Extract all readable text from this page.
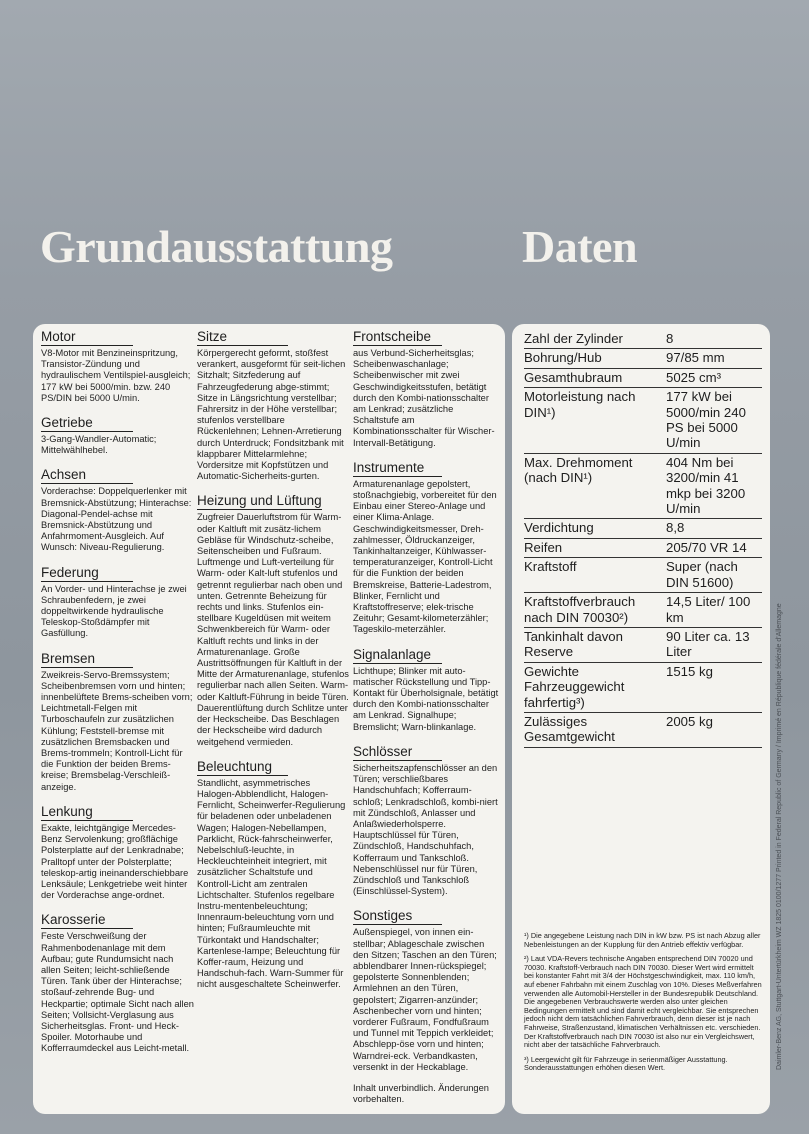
Grundausstattung	Daten
Motor

V8-Motor mit Benzineinspritzung, Transistor-Zündung und hydraulischem Ventilspiel-ausgleich; 177 kW bei 5000/min. bzw. 240 PS/DIN bei 5000 U/min.

Getriebe

3-Gang-Wandler-Automatic; Mittelwählhebel.

Achsen

Vorderachse: Doppelquerlenker mit Bremsnick-Abstützung; Hinterachse: Diagonal-Pendel-achse mit Bremsnick-Abstützung und Anfahrmoment-Ausgleich. Auf Wunsch: Niveau-Regulierung.

Federung

An Vorder- und Hinterachse je zwei Schraubenfedern, je zwei doppeltwirkende hydraulische Teleskop-Stoßdämpfer mit Gasfüllung.

Bremsen

Zweikreis-Servo-Bremssystem; Scheibenbremsen vorn und hinten; innenbelüftete Brems-scheiben vorn; Leichtmetall-Felgen mit Turboschaufeln zur zusätzlichen Kühlung; Feststell-bremse mit zusätzlichen Bremsbacken und Brems-trommeln; Kontroll-Licht für die Funktion der beiden Brems-kreise; Bremsbelag-Verschleiß-anzeige.

Lenkung

Exakte, leichtgängige Mercedes-Benz Servolenkung; großflächige Polsterplatte auf der Lenkradnabe; Pralltopf unter der Polsterplatte; teleskop-artig ineinanderschiebbare Lenksäule; Lenkgetriebe weit hinter der Vorderachse ange-ordnet.

Karosserie

Feste Verschweißung der Rahmenbodenanlage mit dem Aufbau; gute Rundumsicht nach allen Seiten; leicht-schließende Türen. Tank über der Hinterachse; stoßauf-zehrende Bug- und Heckpartie; optimale Sicht nach allen Seiten; Vollsicht-Verglasung aus Sicherheitsglas. Front- und Heck-Spoiler. Motorhaube und Kofferraumdeckel aus Leicht-metall.

Sitze

Körpergerecht geformt, stoßfest verankert, ausgeformt für seit-lichen Sitzhalt; Sitzfederung auf Fahrzeugfederung abge-stimmt; Sitze in Längsrichtung verstellbar; Fahrersitz in der Höhe verstellbar; stufenlos verstellbare Rückenlehnen; Lehnen-Arretierung durch Unterdruck; Fondsitzbank mit klappbarer Mittelarmlehne; Vordersitze mit Kopfstützen und Automatic-Sicherheits-gurten.

Heizung und Lüftung

Zugfreier Dauerluftstrom für Warm- oder Kaltluft mit zusätz-lichem Gebläse für Windschutz-scheibe, Seitenscheiben und Fußraum. Luftmenge und Luft-verteilung für Warm- oder Kalt-luft stufenlos und getrennt regulierbar nach oben und unten. Getrennte Beheizung für rechts und links. Stufenlos ein-stellbare Kugeldüsen mit weitem Schwenkbereich für Warm- oder Kaltluft rechts und links in der Armaturenanlage. Große Austrittsöffnungen für Kaltluft in der Mitte der Armaturenanlage, stufenlos regulierbar nach allen Seiten. Warm- oder Kaltluft-Führung in beide Türen. Dauerentlüftung durch Schlitze unter der Heckscheibe. Das Beschlagen der Heckscheibe wird dadurch weitgehend vermieden.

Beleuchtung

Standlicht, asymmetrisches Halogen-Abblendlicht, Halogen-Fernlicht, Scheinwerfer-Regulierung für beladenen oder unbeladenen Wagen; Halogen-Nebellampen, Parklicht, Rück-fahrscheinwerfer, Nebelschluß-leuchte, in Heckleuchteinheit integriert, mit zusätzlicher Schaltstufe und Kontroll-Licht am zentralen Lichtschalter. Stufenlos regelbare Instru-mentenbeleuchtung; Innenraum-beleuchtung vorn und hinten; Fußraumleuchte mit Türkontakt und Handschalter; Kartenlese-lampe; Beleuchtung für Koffer-raum, Heizung und Handschuh-fach. Warn-Summer für nicht ausgeschaltete Scheinwerfer.

Frontscheibe

aus Verbund-Sicherheitsglas; Scheibenwaschanlage; Scheibenwischer mit zwei Geschwindigkeitsstufen, betätigt durch den Kombi-nationsschalter am Lenkrad; zusätzliche Schaltstufe am Kombinationsschalter für Wischer-Intervall-Betätigung.

Instrumente

Armaturenanlage gepolstert, stoßnachgiebig, vorbereitet für den Einbau einer Stereo-Anlage und einer Klima-Anlage. Geschwindigkeitsmesser, Dreh-zahlmesser, Öldruckanzeiger, Tankinhaltanzeiger, Kühlwasser-temperaturanzeiger, Kontroll-Licht für die Funktion der beiden Bremskreise, Batterie-Ladestrom, Blinker, Fernlicht und Kraftstoffreserve; elek-trische Zeituhr; Gesamt-kilometerzähler; Tageskilo-meterzähler.

Signalanlage

Lichthupe; Blinker mit auto-matischer Rückstellung und Tipp-Kontakt für Überholsignale, betätigt durch den Kombi-nationsschalter am Lenkrad. Signalhupe; Bremslicht; Warn-blinkanlage.

Schlösser

Sicherheitszapfenschlösser an den Türen; verschließbares Handschuhfach; Kofferraum-schloß; Lenkradschloß, kombi-niert mit Zündschloß, Anlasser und Anlaßwiederholsperre. Hauptschlüssel für Türen, Zündschloß, Handschuhfach, Kofferraum und Tankschloß. Nebenschlüssel nur für Türen, Zündschloß und Tankschloß (Einschlüssel-System).

Sonstiges

Außenspiegel, von innen ein-stellbar; Ablageschale zwischen den Sitzen; Taschen an den Türen; abblendbarer Innen-rückspiegel; gepolsterte Sonnenblenden; Armlehnen an den Türen, gepolstert; Zigarren-anzünder; Aschenbecher vorn und hinten; vorderer Fußraum, Fondfußraum und Tunnel mit Teppich verkleidet; Abschlepp-öse vorn und hinten; Warndrei-eck. Verbandkasten, versenkt in der Heckablage.

Inhalt unverbindlich. Änderungen vorbehalten.

Zahl der Zylinder	8
Bohrung/Hub	97/85 mm
Gesamthubraum	5025 cm³
Motorleistung nach DIN¹)	177 kW bei 5000/min 240 PS bei 5000 U/min
Max. Drehmoment (nach DIN¹)	404 Nm bei 3200/min 41 mkp bei 3200 U/min
Verdichtung	8,8
Reifen	205/70 VR 14
Kraftstoff	Super (nach DIN 51600)
Kraftstoffverbrauch nach DIN 70030²)	14,5 Liter/ 100 km
Tankinhalt davon Reserve	90 Liter ca. 13 Liter
Gewichte Fahrzeuggewicht fahrfertig³)	1515 kg
Zulässiges Gesamtgewicht	2005 kg

¹) Die angegebene Leistung nach DIN in kW bzw. PS ist nach Abzug aller Nebenleistungen an der Kupplung für den Antrieb effektiv verfügbar.

²) Laut VDA-Revers technische Angaben entsprechend DIN 70020 und 70030. Kraftstoff-Verbrauch nach DIN 70030. Dieser Wert wird ermittelt bei konstanter Fahrt mit 3/4 der Höchstgeschwindigkeit, max. 110 km/h, auf ebener Fahrbahn mit einem Zuschlag von 10%. Dieses Meßverfahren verwenden alle Automobil-Hersteller in der Bundesrepublik Deutschland. Die angegebenen Verbrauchswerte werden also unter gleichen Bedingungen ermittelt und sind damit echt vergleichbar. Sie entsprechen jedoch nicht dem tatsächlichen Fahrverbrauch, denn dieser ist je nach Fahrweise, Straßenzustand, klimatischen Verhältnissen etc. verschieden. Der Kraftstoffverbrauch nach DIN 70030 ist also nur ein Vergleichswert, nicht aber der tatsächliche Fahrverbrauch.

³) Leergewicht gilt für Fahrzeuge in serienmäßiger Ausstattung. Sonderausstattungen erhöhen diesen Wert.	Daimler-Benz AG, Stuttgart-Untertürkheim WZ 1825 0100/1277 Printed in Federal Republic of Germany / Imprimé en République fédérale d'Allemagne
